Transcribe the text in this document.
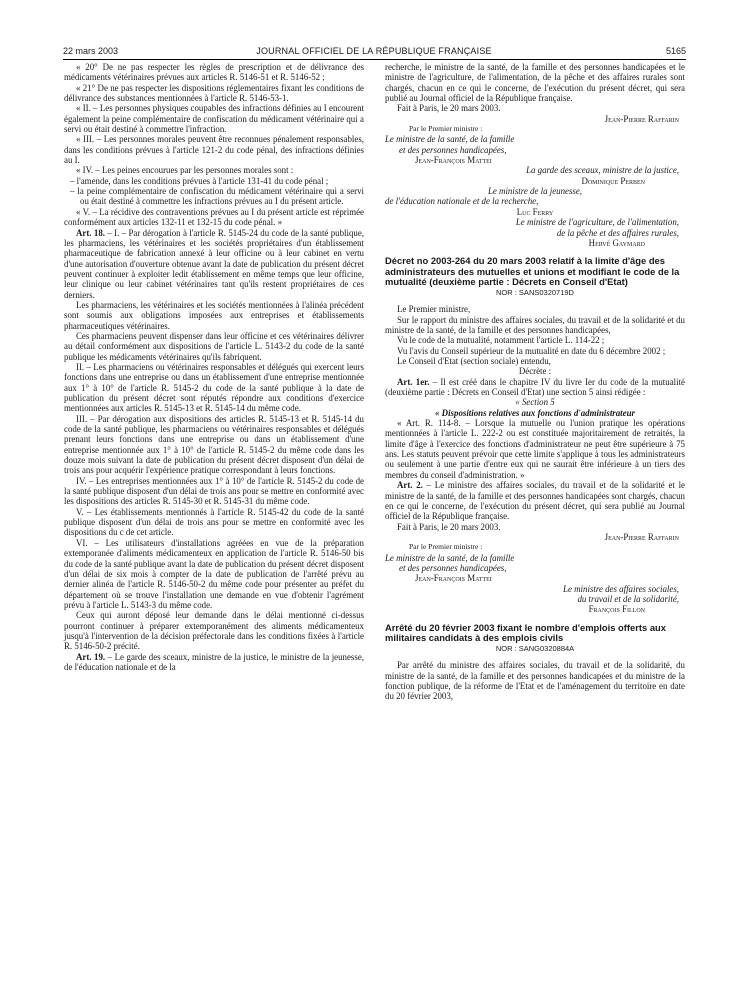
22 mars 2003	JOURNAL OFFICIEL DE LA RÉPUBLIQUE FRANÇAISE	5165

« 20° De ne pas respecter les règles de prescription et de délivrance des médicaments vétérinaires prévues aux articles R. 5146-51 et R. 5146-52 ;

« 21° De ne pas respecter les dispositions réglementaires fixant les conditions de délivrance des substances mentionnées à l'article R. 5146-53-1.

« II. – Les personnes physiques coupables des infractions définies au I encourent également la peine complémentaire de confiscation du médicament vétérinaire qui a servi ou était destiné à commettre l'infraction.

« III. – Les personnes morales peuvent être reconnues pénalement responsables, dans les conditions prévues à l'article 121-2 du code pénal, des infractions définies au I.

« IV. – Les peines encourues par les personnes morales sont :

– l'amende, dans les conditions prévues à l'article 131-41 du code pénal ;

– la peine complémentaire de confiscation du médicament vétérinaire qui a servi ou était destiné à commettre les infractions prévues au I du présent article.

« V. – La récidive des contraventions prévues au I du présent article est réprimée conformément aux articles 132-11 et 132-15 du code pénal. »

Art. 18. – I. – Par dérogation à l'article R. 5145-24 du code de la santé publique, les pharmaciens, les vétérinaires et les sociétés propriétaires d'un établissement pharmaceutique de fabrication annexé à leur officine ou à leur cabinet en vertu d'une autorisation d'ouverture obtenue avant la date de publication du présent décret peuvent continuer à exploiter ledit établissement en même temps que leur officine, leur clinique ou leur cabinet vétérinaires tant qu'ils restent propriétaires de ces derniers.

Les pharmaciens, les vétérinaires et les sociétés mentionnées à l'alinéa précédent sont soumis aux obligations imposées aux entreprises et établissements pharmaceutiques vétérinaires.

Ces pharmaciens peuvent dispenser dans leur officine et ces vétérinaires délivrer au détail conformément aux dispositions de l'article L. 5143-2 du code de la santé publique les médicaments vétérinaires qu'ils fabriquent.

II. – Les pharmaciens ou vétérinaires responsables et délégués qui exercent leurs fonctions dans une entreprise ou dans un établissement d'une entreprise mentionnée aux 1° à 10° de l'article R. 5145-2 du code de la santé publique à la date de publication du présent décret sont réputés répondre aux conditions d'exercice mentionnées aux articles R. 5145-13 et R. 5145-14 du même code.

III. – Par dérogation aux dispositions des articles R. 5145-13 et R. 5145-14 du code de la santé publique, les pharmaciens ou vétérinaires responsables et délégués prenant leurs fonctions dans une entreprise ou dans un établissement d'une entreprise mentionnée aux 1° à 10° de l'article R. 5145-2 du même code dans les douze mois suivant la date de publication du présent décret disposent d'un délai de trois ans pour acquérir l'expérience pratique correspondant à leurs fonctions.

IV. – Les entreprises mentionnées aux 1° à 10° de l'article R. 5145-2 du code de la santé publique disposent d'un délai de trois ans pour se mettre en conformité avec les dispositions des articles R. 5145-30 et R. 5145-31 du même code.

V. – Les établissements mentionnés à l'article R. 5145-42 du code de la santé publique disposent d'un délai de trois ans pour se mettre en conformité avec les dispositions du c de cet article.

VI. – Les utilisateurs d'installations agréées en vue de la préparation extemporanée d'aliments médicamenteux en application de l'article R. 5146-50 bis du code de la santé publique avant la date de publication du présent décret disposent d'un délai de six mois à compter de la date de publication de l'arrêté prévu au dernier alinéa de l'article R. 5146-50-2 du même code pour présenter au préfet du département où se trouve l'installation une demande en vue d'obtenir l'agrément prévu à l'article L. 5143-3 du même code.

Ceux qui auront déposé leur demande dans le délai mentionné ci-dessus pourront continuer à préparer extemporanément des aliments médicamenteux jusqu'à l'intervention de la décision préfectorale dans les conditions fixées à l'article R. 5146-50-2 précité.

Art. 19. – Le garde des sceaux, ministre de la justice, le ministre de la jeunesse, de l'éducation nationale et de la

recherche, le ministre de la santé, de la famille et des personnes handicapées et le ministre de l'agriculture, de l'alimentation, de la pêche et des affaires rurales sont chargés, chacun en ce qui le concerne, de l'exécution du présent décret, qui sera publié au Journal officiel de la République française.

Fait à Paris, le 20 mars 2003.

Jean-Pierre Raffarin

Par le Premier ministre :

Le ministre de la santé, de la famille

et des personnes handicapées,

Jean-François Mattei

La garde des sceaux, ministre de la justice,

Dominique Perben

Le ministre de la jeunesse,

de l'éducation nationale et de la recherche,

Luc Ferry

Le ministre de l'agriculture, de l'alimentation,

de la pêche et des affaires rurales,

Hervé Gaymard

Décret no 2003-264 du 20 mars 2003 relatif à la limite d'âge des administrateurs des mutuelles et unions et modifiant le code de la mutualité (deuxième partie : Décrets en Conseil d'Etat)

NOR : SANS0320719D

Le Premier ministre,

Sur le rapport du ministre des affaires sociales, du travail et de la solidarité et du ministre de la santé, de la famille et des personnes handicapées,

Vu le code de la mutualité, notamment l'article L. 114-22 ;

Vu l'avis du Conseil supérieur de la mutualité en date du 6 décembre 2002 ;

Le Conseil d'Etat (section sociale) entendu,

Décrète :

Art. 1er. – Il est créé dans le chapitre IV du livre Ier du code de la mutualité (deuxième partie : Décrets en Conseil d'Etat) une section 5 ainsi rédigée :

« Section 5

« Dispositions relatives aux fonctions d'administrateur

« Art. R. 114-8. – Lorsque la mutuelle ou l'union pratique les opérations mentionnées à l'article L. 222-2 ou est constituée majoritairement de retraités, la limite d'âge à l'exercice des fonctions d'administrateur ne peut être supérieure à 75 ans. Les statuts peuvent prévoir que cette limite s'applique à tous les administrateurs ou seulement à une partie d'entre eux qui ne saurait être inférieure à un tiers des membres du conseil d'administration. »

Art. 2. – Le ministre des affaires sociales, du travail et de la solidarité et le ministre de la santé, de la famille et des personnes handicapées sont chargés, chacun en ce qui le concerne, de l'exécution du présent décret, qui sera publié au Journal officiel de la République française.

Fait à Paris, le 20 mars 2003.

Jean-Pierre Raffarin

Par le Premier ministre :

Le ministre de la santé, de la famille

et des personnes handicapées,

Jean-François Mattei

Le ministre des affaires sociales,

du travail et de la solidarité,

François Fillon

Arrêté du 20 février 2003 fixant le nombre d'emplois offerts aux militaires candidats à des emplois civils

NOR : SANG0320884A

Par arrêté du ministre des affaires sociales, du travail et de la solidarité, du ministre de la santé, de la famille et des personnes handicapées et du ministre de la fonction publique, de la réforme de l'Etat et de l'aménagement du territoire en date du 20 février 2003,
